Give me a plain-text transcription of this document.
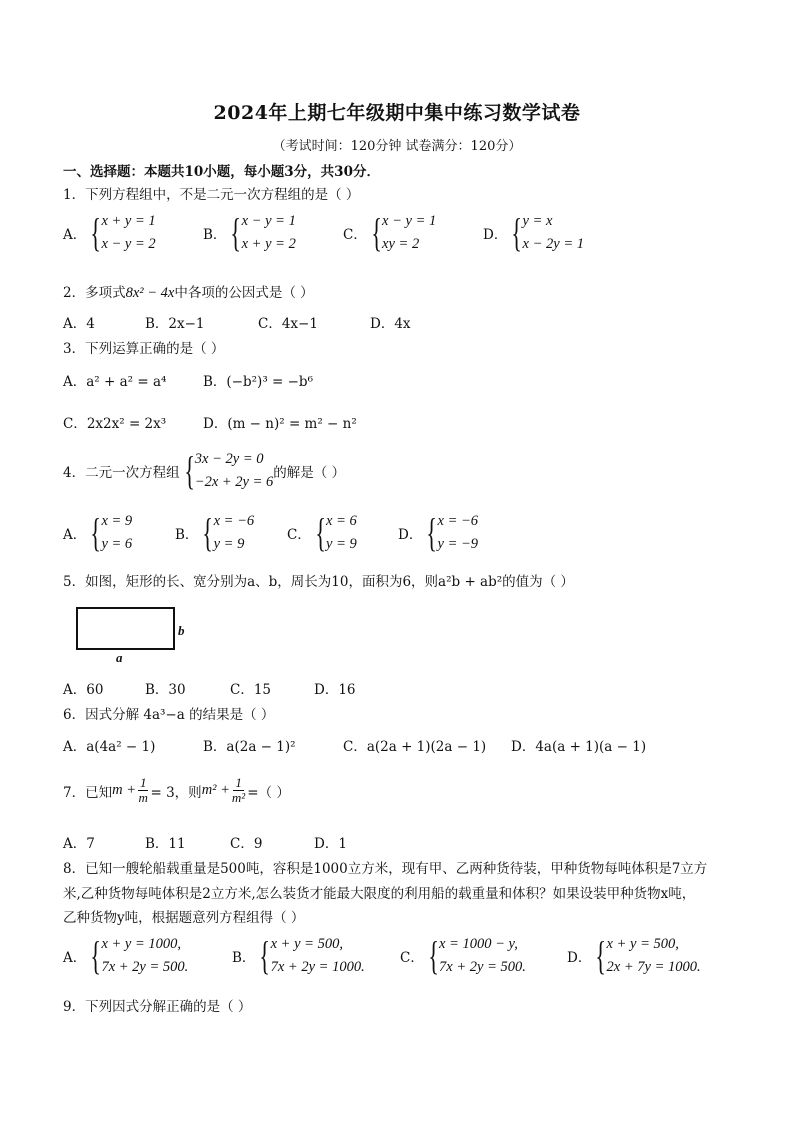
2024年上期七年级期中集中练习数学试卷
（考试时间：120分钟 试卷满分：120分）
一、选择题：本题共10小题，每小题3分，共30分．
1．下列方程组中，不是二元一次方程组的是（ ）
A． { x + y = 1
x − y = 2
B． { x − y = 1
x + y = 2
C． { x − y = 1
xy = 2
D． { y = x
x − 2y = 1
2．多项式8x² − 4x中各项的公因式是（ ）
A．4	B．2x−1	C．4x−1	D．4x
3．下列运算正确的是（ ）
A．a² + a² = a⁴	B．(−b²)³ = −b⁶
C．2x2x² = 2x³	D．(m − n)² = m² − n²
4．二元一次方程组 { 3x − 2y = 0
−2x + 2y = 6
的解是（ ）
A． { x = 9
y = 6
B． { x = −6
y = 9
C． { x = 6
y = 9
D． { x = −6
y = −9
5．如图，矩形的长、宽分别为a、b，周长为10，面积为6，则a²b + ab²的值为（ ）
b
a
A．60	B．30	C．15	D．16
6．因式分解 4a³−a 的结果是（ ）
A．a(4a² − 1)	B．a(2a − 1)²	C．a(2a + 1)(2a − 1) D．4a(a + 1)(a − 1)
7．已知 $m + \frac{1}{m} = 3$，则 $m^2 + \frac{1}{\text{m²}}$ =（ ）
A．7	B．11	C．9	D．1
8．已知一艘轮船载重量是500吨，容积是1000立方米，现有甲、乙两种货待装，甲种货物每吨体积是7立方
米,乙种货物每吨体积是2立方米,怎么装货才能最大限度的利用船的载重量和体积？如果设装甲种货物x吨，
乙种货物y吨，根据题意列方程组得（ ）
A． { x + y = 1000,
7x + 2y = 500.
B． { x + y = 500,
7x + 2y = 1000.
C． { x = 1000 − y,
7x + 2y = 500.
D． { x + y = 500,
2x + 7y = 1000.
9．下列因式分解正确的是（ ）
